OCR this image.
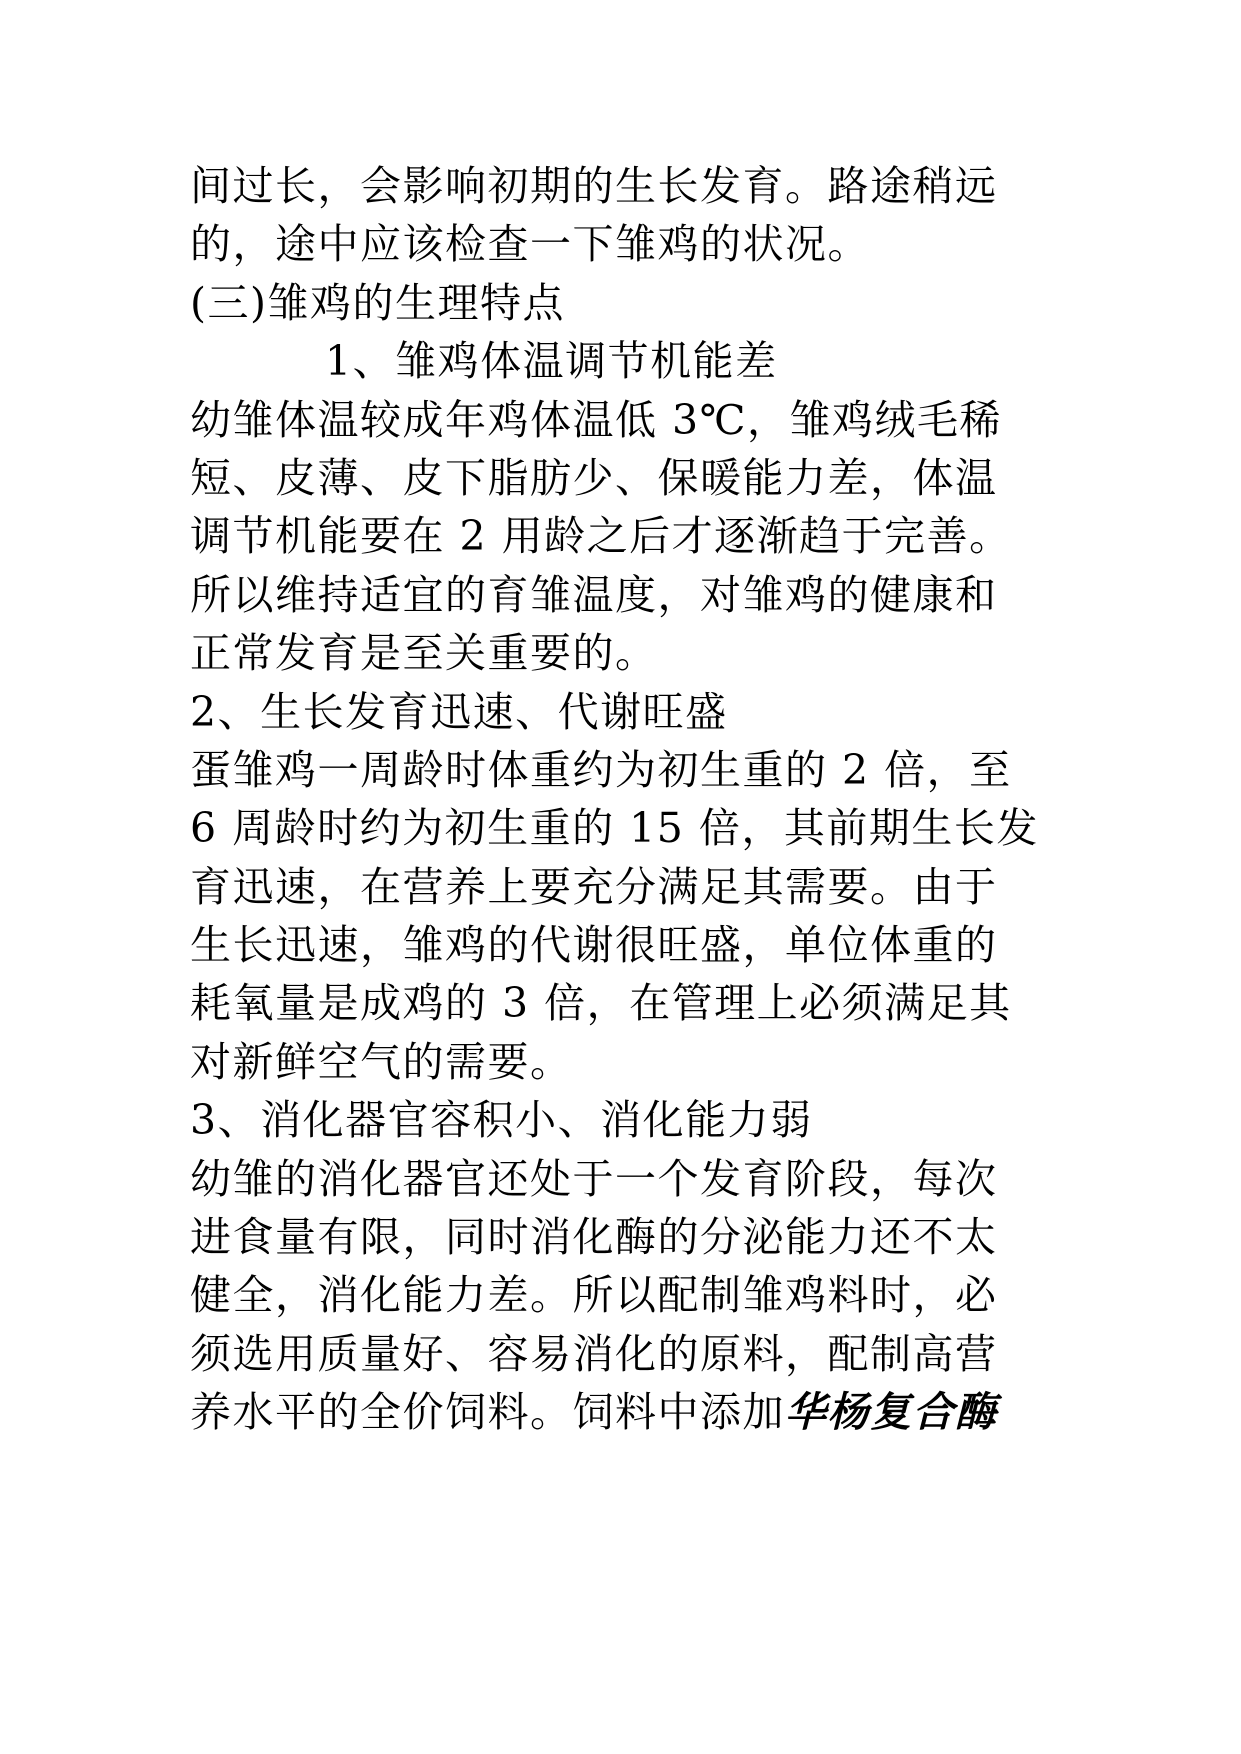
间过长，会影响初期的生长发育。路途稍远
的，途中应该检查一下雏鸡的状况。
(三)雏鸡的生理特点
1、雏鸡体温调节机能差
幼雏体温较成年鸡体温低 3℃，雏鸡绒毛稀
短、皮薄、皮下脂肪少、保暖能力差，体温
调节机能要在 2 用龄之后才逐渐趋于完善。
所以维持适宜的育雏温度，对雏鸡的健康和
正常发育是至关重要的。
2、生长发育迅速、代谢旺盛
蛋雏鸡一周龄时体重约为初生重的 2 倍，至
6 周龄时约为初生重的 15 倍，其前期生长发
育迅速，在营养上要充分满足其需要。由于
生长迅速，雏鸡的代谢很旺盛，单位体重的
耗氧量是成鸡的 3 倍，在管理上必须满足其
对新鲜空气的需要。
3、消化器官容积小、消化能力弱
幼雏的消化器官还处于一个发育阶段，每次
进食量有限，同时消化酶的分泌能力还不太
健全，消化能力差。所以配制雏鸡料时，必
须选用质量好、容易消化的原料，配制高营
养水平的全价饲料。饲料中添加华杨复合酶
